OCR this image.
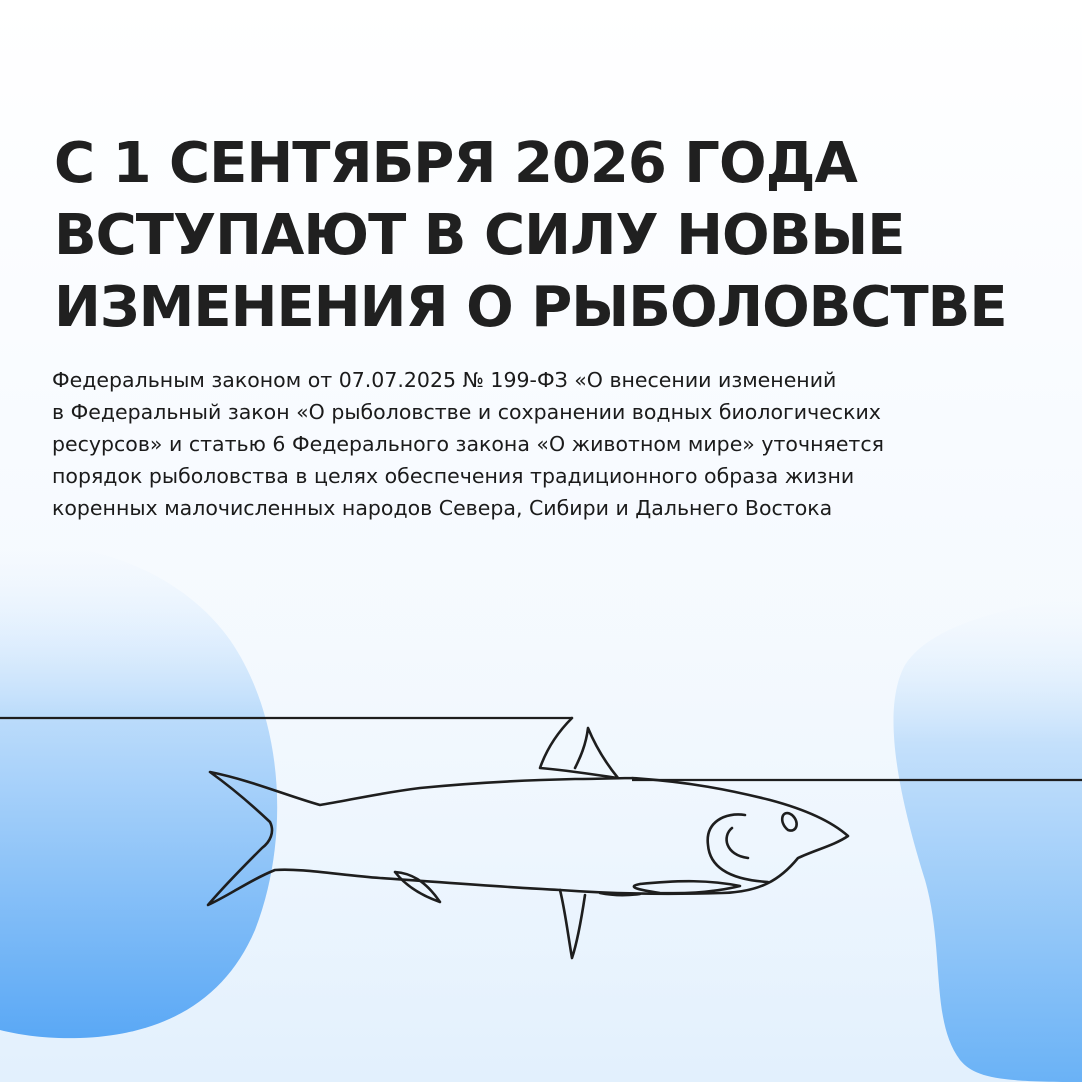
С 1 СЕНТЯБРЯ 2026 ГОДА
ВСТУПАЮТ В СИЛУ НОВЫЕ
ИЗМЕНЕНИЯ О РЫБОЛОВСТВЕ

Федеральным законом от 07.07.2025 № 199-ФЗ «О внесении изменений
в Федеральный закон «О рыболовстве и сохранении водных биологических
ресурсов» и статью 6 Федерального закона «О животном мире» уточняется
порядок рыболовства в целях обеспечения традиционного образа жизни
коренных малочисленных народов Севера, Сибири и Дальнего Востока
